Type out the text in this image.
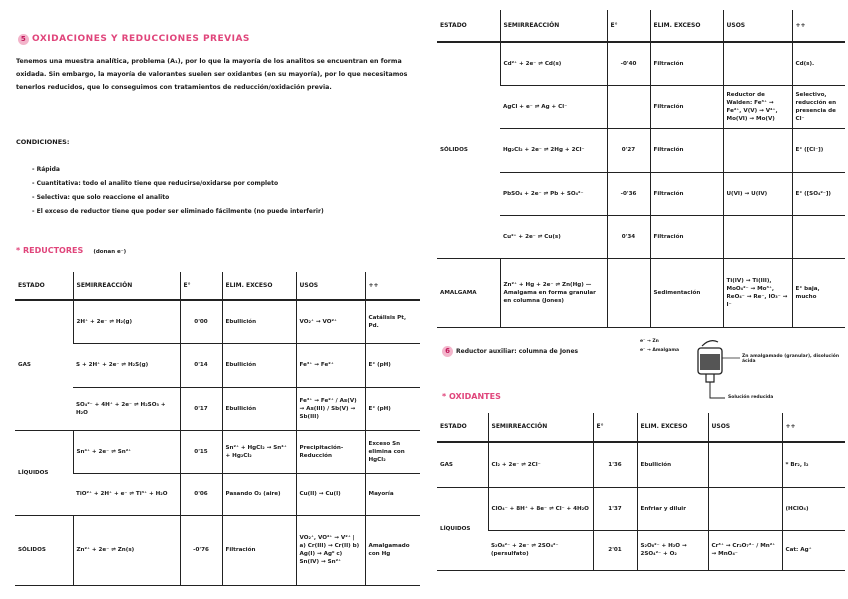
5 OXIDACIONES Y REDUCCIONES PREVIAS
Tenemos una muestra analítica, problema (A₁), por lo que la mayoría de los analitos se encuentran en forma oxidada. Sin embargo, la mayoría de valorantes suelen ser oxidantes (en su mayoría), por lo que necesitamos tenerlos reducidos, que lo conseguimos con tratamientos de reducción/oxidación previa.
CONDICIONES:
- Rápida
- Cuantitativa: todo el analito tiene que reducirse/oxidarse por completo
- Selectiva: que solo reaccione el analito
- El exceso de reductor tiene que poder ser eliminado fácilmente (no puede interferir)
* REDUCTORES (donan e⁻)
ESTADO	SEMIRREACCIÓN	E°	ELIM. EXCESO	USOS	++
GAS	2H⁺ + 2e⁻ ⇌ H₂(g)	0'00	Ebullición	VO₂⁺ → VO²⁺	Catálisis Pt, Pd.
	S + 2H⁺ + 2e⁻ ⇌ H₂S(g)	0'14	Ebullición	Fe³⁺ → Fe²⁺	E° (pH)
	SO₄²⁻ + 4H⁺ + 2e⁻ ⇌ H₂SO₃ + H₂O	0'17	Ebullición	Fe³⁺ → Fe²⁺ / As(V) → As(III) / Sb(V) → Sb(III)	E° (pH)
LÍQUIDOS	Sn⁴⁺ + 2e⁻ ⇌ Sn²⁺	0'15	Sn²⁺ + HgCl₂ → Sn⁴⁺ + Hg₂Cl₂	Precipitación-Reducción	Exceso Sn elimina con HgCl₂
	TiO²⁺ + 2H⁺ + e⁻ ⇌ Ti³⁺ + H₂O	0'06	Pasando O₂ (aire)	Cu(II) → Cu(I)	Mayoría
SÓLIDOS	Zn²⁺ + 2e⁻ ⇌ Zn(s)	-0'76	Filtración	VO₂⁺, VO²⁺ → V²⁺ | a) Cr(III) → Cr(II) b) Ag(I) → Ag⁰ c) Sn(IV) → Sn²⁺	Amalgamado con Hg
ESTADO	SEMIRREACCIÓN	E°	ELIM. EXCESO	USOS	++
SÓLIDOS	Cd²⁺ + 2e⁻ ⇌ Cd(s)	-0'40	Filtración		Cd(s).
	AgCl + e⁻ ⇌ Ag + Cl⁻		Filtración	Reductor de Walden: Fe³⁺ → Fe²⁺, V(V) → V⁴⁺, Mo(VI) → Mo(V)	Selectivo, reducción en presencia de Cl⁻
	Hg₂Cl₂ + 2e⁻ ⇌ 2Hg + 2Cl⁻	0'27	Filtración		E° ([Cl⁻])
	PbSO₄ + 2e⁻ ⇌ Pb + SO₄²⁻	-0'36	Filtración	U(VI) → U(IV)	E° ([SO₄²⁻])
	Cu²⁺ + 2e⁻ ⇌ Cu(s)	0'34	Filtración		
AMALGAMA	Zn²⁺ + Hg + 2e⁻ ⇌ Zn(Hg) — Amalgama en forma granular en columna (Jones)		Sedimentación	Ti(IV) → Ti(III), MoO₄²⁻ → Mo³⁺, ReO₄⁻ → Re⁻, IO₃⁻ → I⁻	E° baja, mucho
6 Reductor auxiliar: columna de Jones
e⁻ → Zn
e⁻ → Amalgama
Zn amalgamado (granular), disolución ácida
Solución reducida
* OXIDANTES
ESTADO	SEMIRREACCIÓN	E°	ELIM. EXCESO	USOS	++
GAS	Cl₂ + 2e⁻ ⇌ 2Cl⁻	1'36	Ebullición		* Br₂, I₂
LÍQUIDOS	ClO₄⁻ + 8H⁺ + 8e⁻ ⇌ Cl⁻ + 4H₂O	1'37	Enfriar y diluir		(HClO₄)
	S₂O₈²⁻ + 2e⁻ ⇌ 2SO₄²⁻ (persulfato)	2'01	S₂O₈²⁻ + H₂O → 2SO₄²⁻ + O₂	Cr³⁺ → Cr₂O₇²⁻ / Mn²⁺ → MnO₄⁻	Cat: Ag⁺
